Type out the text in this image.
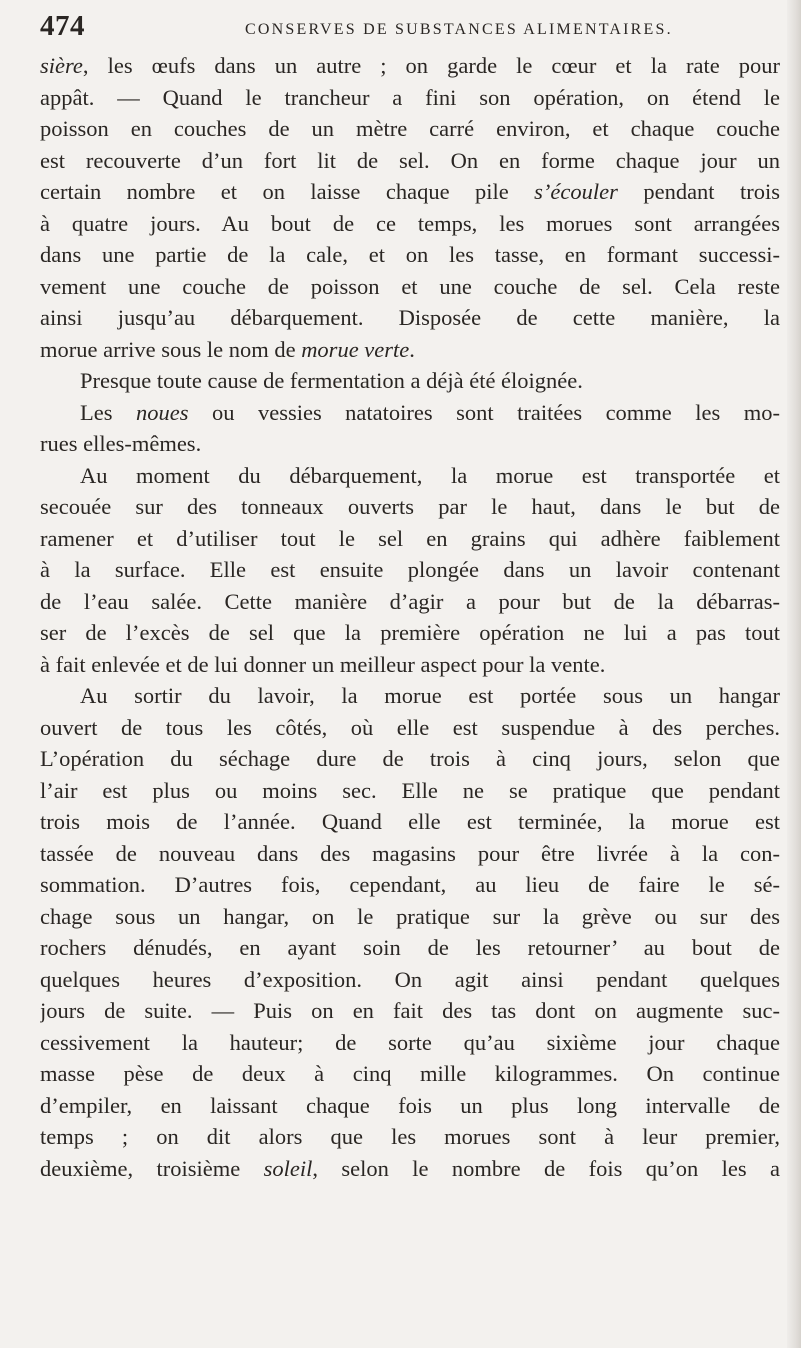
474	CONSERVES DE SUBSTANCES ALIMENTAIRES.
sière, les œufs dans un autre ; on garde le cœur et la rate pour
appât. — Quand le trancheur a fini son opération, on étend le
poisson en couches de un mètre carré environ, et chaque couche
est recouverte d’un fort lit de sel. On en forme chaque jour un
certain nombre et on laisse chaque pile s’écouler pendant trois
à quatre jours. Au bout de ce temps, les morues sont arrangées
dans une partie de la cale, et on les tasse, en formant successi-
vement une couche de poisson et une couche de sel. Cela reste
ainsi jusqu’au débarquement. Disposée de cette manière, la
morue arrive sous le nom de morue verte.
Presque toute cause de fermentation a déjà été éloignée.
Les noues ou vessies natatoires sont traitées comme les mo-
rues elles-mêmes.
Au moment du débarquement, la morue est transportée et
secouée sur des tonneaux ouverts par le haut, dans le but de
ramener et d’utiliser tout le sel en grains qui adhère faiblement
à la surface. Elle est ensuite plongée dans un lavoir contenant
de l’eau salée. Cette manière d’agir a pour but de la débarras-
ser de l’excès de sel que la première opération ne lui a pas tout
à fait enlevée et de lui donner un meilleur aspect pour la vente.
Au sortir du lavoir, la morue est portée sous un hangar
ouvert de tous les côtés, où elle est suspendue à des perches.
L’opération du séchage dure de trois à cinq jours, selon que
l’air est plus ou moins sec. Elle ne se pratique que pendant
trois mois de l’année. Quand elle est terminée, la morue est
tassée de nouveau dans des magasins pour être livrée à la con-
sommation. D’autres fois, cependant, au lieu de faire le sé-
chage sous un hangar, on le pratique sur la grève ou sur des
rochers dénudés, en ayant soin de les retourner’ au bout de
quelques heures d’exposition. On agit ainsi pendant quelques
jours de suite. — Puis on en fait des tas dont on augmente suc-
cessivement la hauteur; de sorte qu’au sixième jour chaque
masse pèse de deux à cinq mille kilogrammes. On continue
d’empiler, en laissant chaque fois un plus long intervalle de
temps ; on dit alors que les morues sont à leur premier,
deuxième, troisième soleil, selon le nombre de fois qu’on les a
